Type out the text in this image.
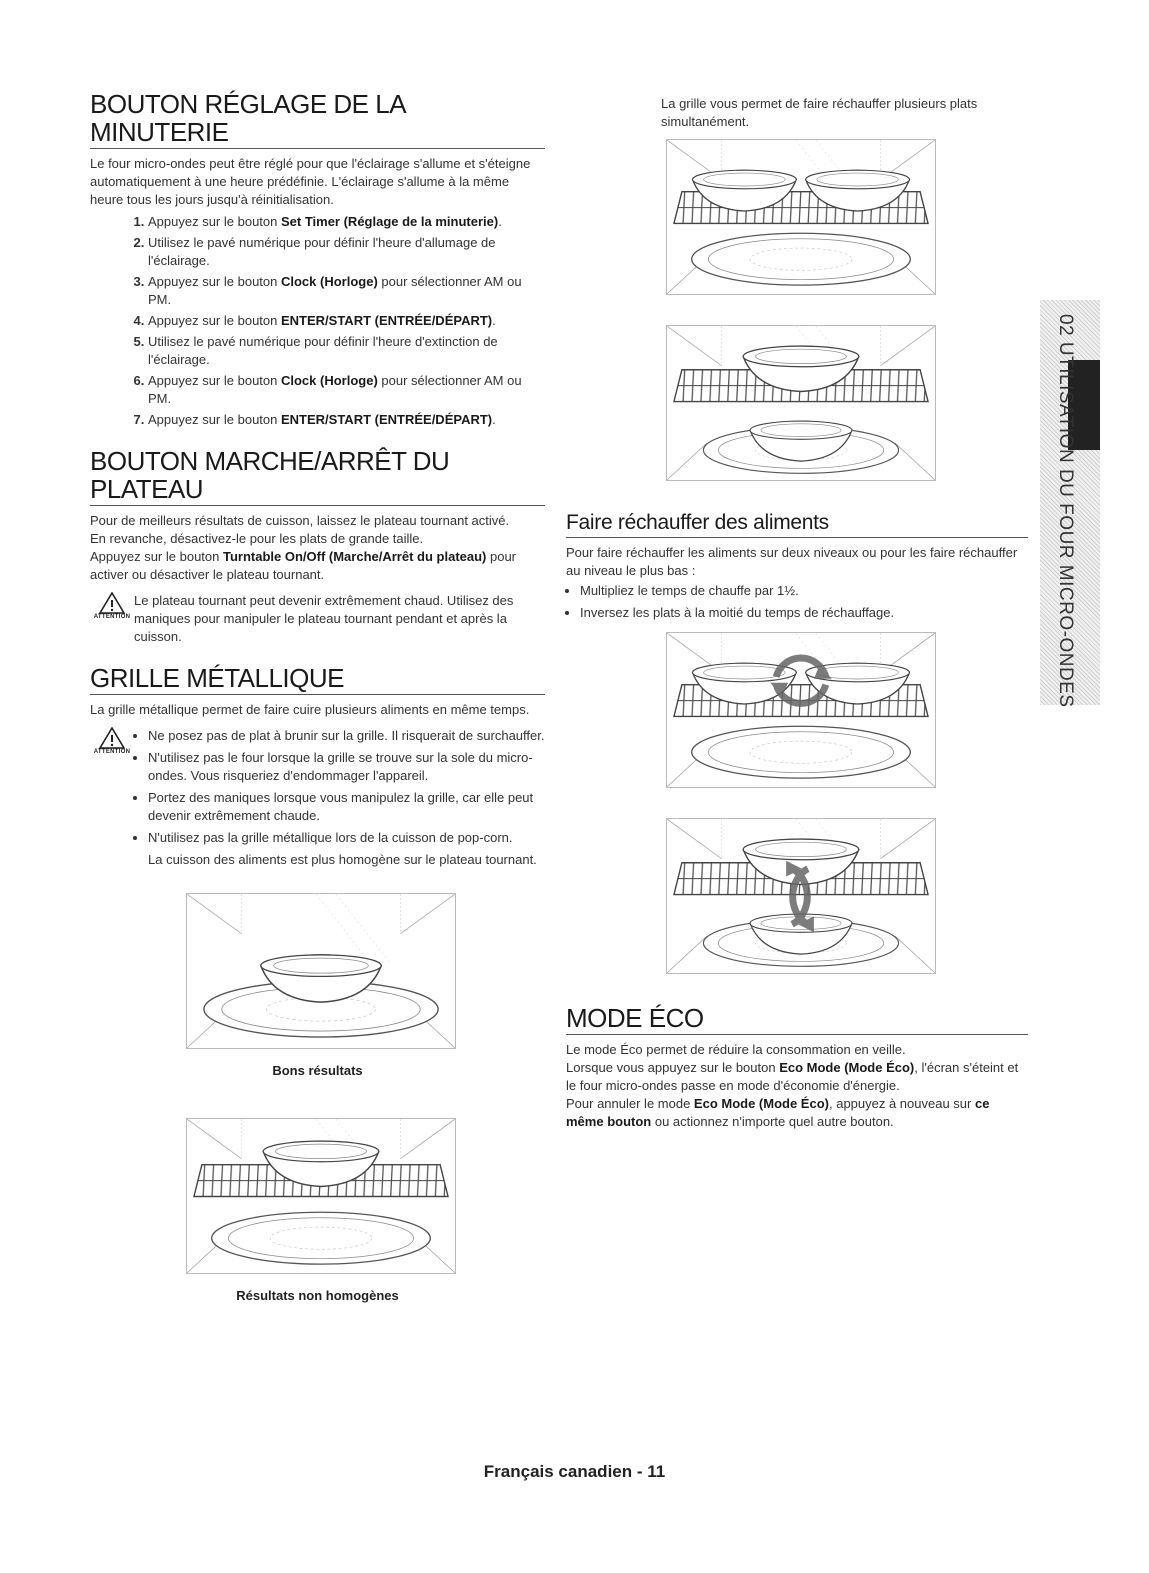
BOUTON RÉGLAGE DE LA MINUTERIE

Le four micro-ondes peut être réglé pour que l'éclairage s'allume et s'éteigne automatiquement à une heure prédéfinie. L'éclairage s'allume à la même heure tous les jours jusqu'à réinitialisation.

1. Appuyez sur le bouton Set Timer (Réglage de la minuterie).
2. Utilisez le pavé numérique pour définir l'heure d'allumage de l'éclairage.
3. Appuyez sur le bouton Clock (Horloge) pour sélectionner AM ou PM.
4. Appuyez sur le bouton ENTER/START (ENTRÉE/DÉPART).
5. Utilisez le pavé numérique pour définir l'heure d'extinction de l'éclairage.
6. Appuyez sur le bouton Clock (Horloge) pour sélectionner AM ou PM.
7. Appuyez sur le bouton ENTER/START (ENTRÉE/DÉPART).
BOUTON MARCHE/ARRÊT DU PLATEAU

Pour de meilleurs résultats de cuisson, laissez le plateau tournant activé.

En revanche, désactivez-le pour les plats de grande taille.

Appuyez sur le bouton Turntable On/Off (Marche/Arrêt du plateau) pour activer ou désactiver le plateau tournant.

ATTENTION

Le plateau tournant peut devenir extrêmement chaud. Utilisez des maniques pour manipuler le plateau tournant pendant et après la cuisson.

GRILLE MÉTALLIQUE

La grille métallique permet de faire cuire plusieurs aliments en même temps.

ATTENTION
• Ne posez pas de plat à brunir sur la grille. Il risquerait de surchauffer.
• N'utilisez pas le four lorsque la grille se trouve sur la sole du micro-ondes. Vous risqueriez d'endommager l'appareil.
• Portez des maniques lorsque vous manipulez la grille, car elle peut devenir extrêmement chaude.
• N'utilisez pas la grille métallique lors de la cuisson de pop-corn.

La cuisson des aliments est plus homogène sur le plateau tournant.

Bons résultats
Résultats non homogènes

La grille vous permet de faire réchauffer plusieurs plats simultanément.

Faire réchauffer des aliments

Pour faire réchauffer les aliments sur deux niveaux ou pour les faire réchauffer au niveau le plus bas :

• Multipliez le temps de chauffe par 1½.
• Inversez les plats à la moitié du temps de réchauffage.
MODE ÉCO

Le mode Éco permet de réduire la consommation en veille.

Lorsque vous appuyez sur le bouton Eco Mode (Mode Éco), l'écran s'éteint et le four micro-ondes passe en mode d'économie d'énergie.

Pour annuler le mode Eco Mode (Mode Éco), appuyez à nouveau sur ce même bouton ou actionnez n'importe quel autre bouton.

02 UTILISATION DU FOUR MICRO-ONDES
Français canadien - 11
